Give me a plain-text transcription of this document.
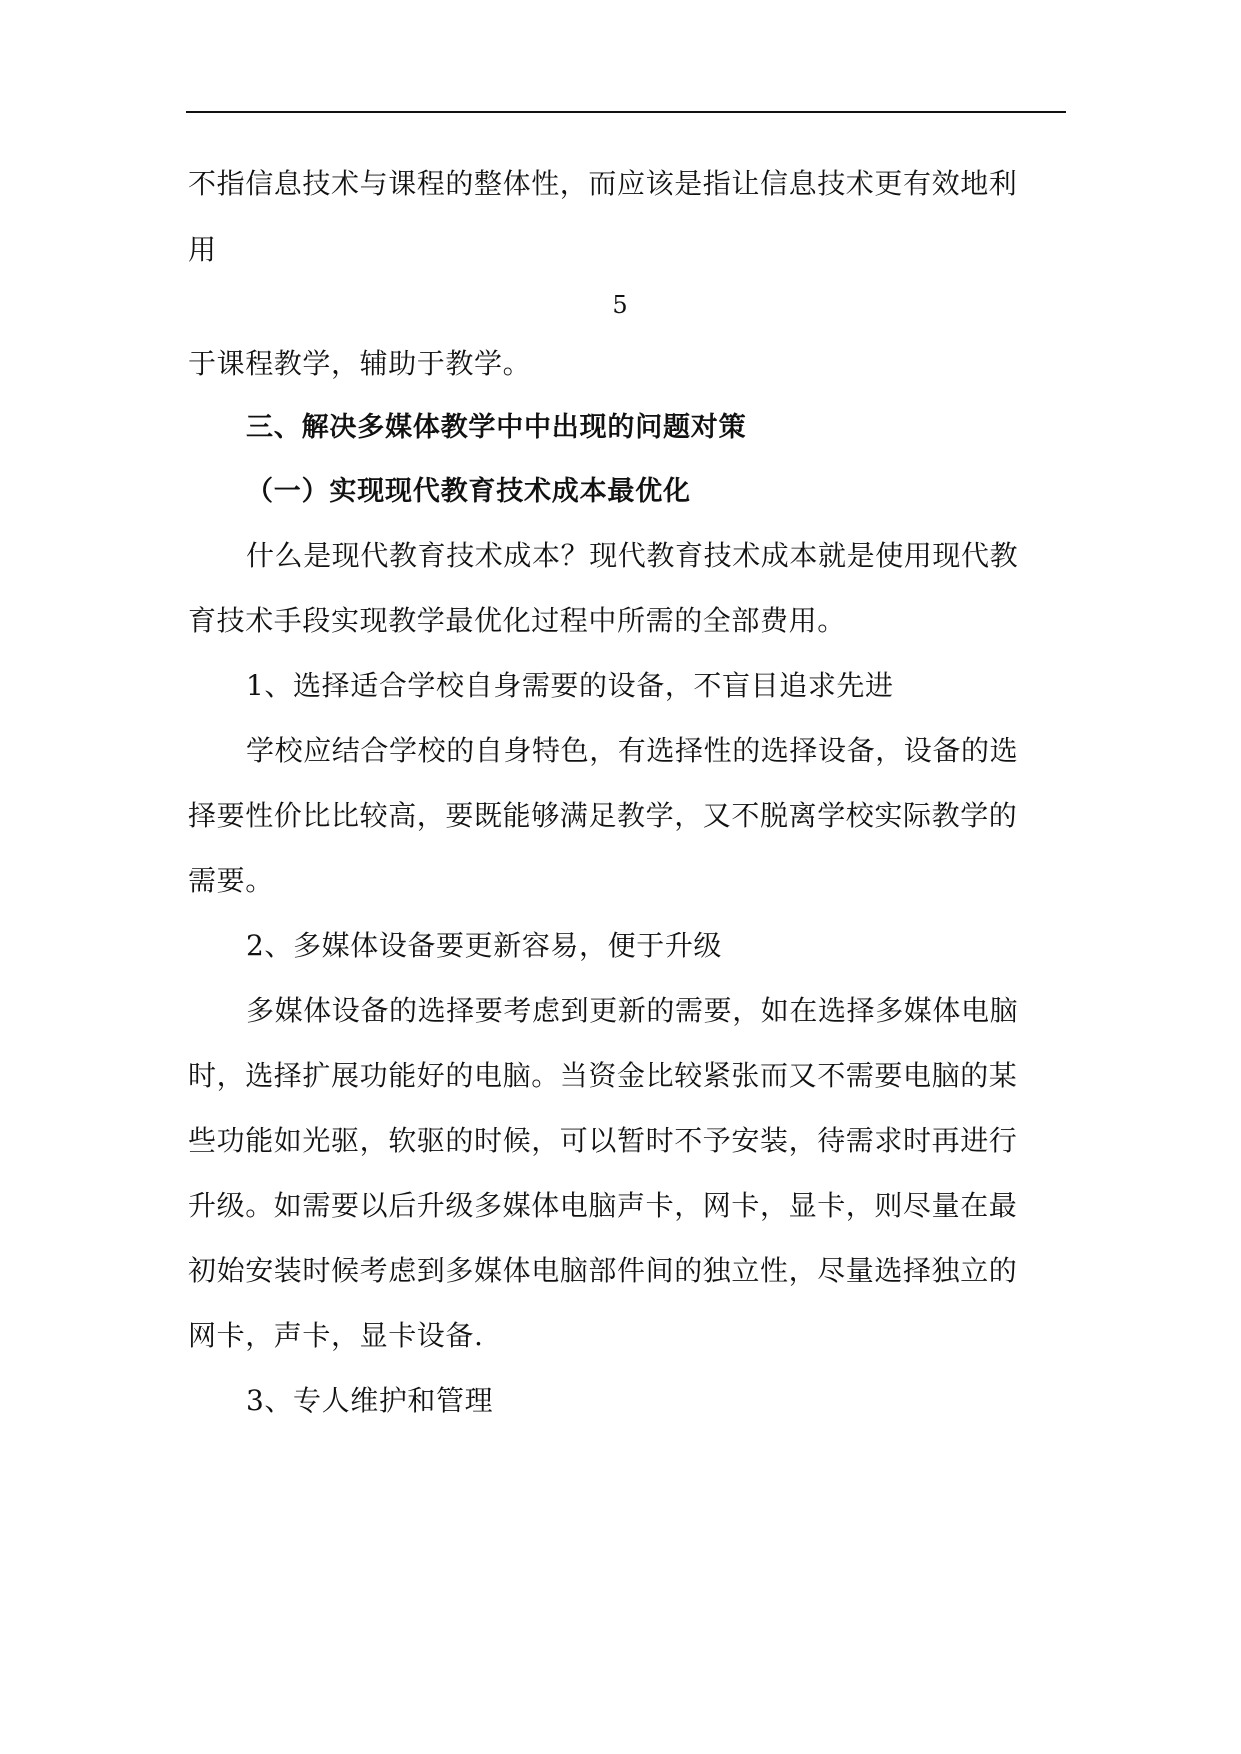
不指信息技术与课程的整体性，而应该是指让信息技术更有效地利
用
5
于课程教学，辅助于教学。
三、解决多媒体教学中中出现的问题对策
（一）实现现代教育技术成本最优化
什么是现代教育技术成本？现代教育技术成本就是使用现代教
育技术手段实现教学最优化过程中所需的全部费用。
1、选择适合学校自身需要的设备，不盲目追求先进
学校应结合学校的自身特色，有选择性的选择设备，设备的选
择要性价比比较高，要既能够满足教学，又不脱离学校实际教学的
需要。
2、多媒体设备要更新容易，便于升级
多媒体设备的选择要考虑到更新的需要，如在选择多媒体电脑
时，选择扩展功能好的电脑。当资金比较紧张而又不需要电脑的某
些功能如光驱，软驱的时候，可以暂时不予安装，待需求时再进行
升级。如需要以后升级多媒体电脑声卡，网卡，显卡，则尽量在最
初始安装时候考虑到多媒体电脑部件间的独立性，尽量选择独立的
网卡，声卡，显卡设备.
3、专人维护和管理
